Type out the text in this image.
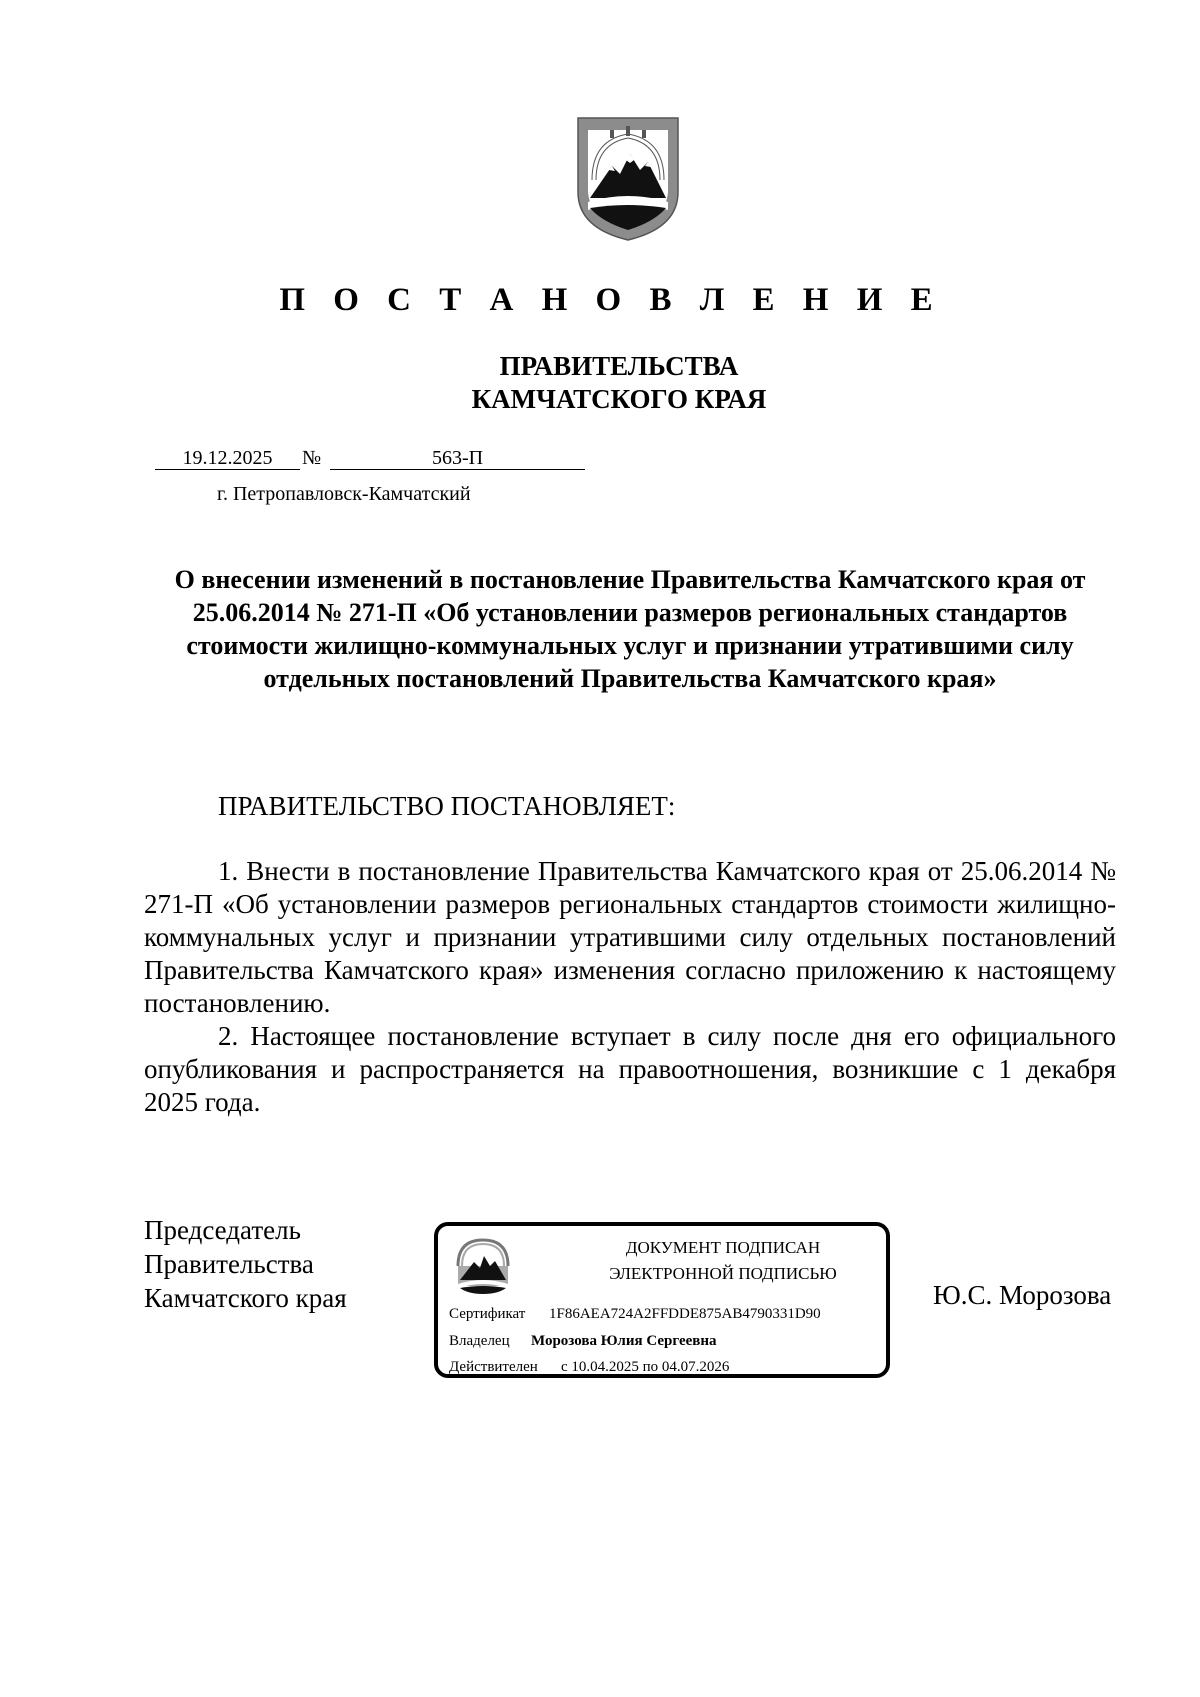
П О С Т А Н О В Л Е Н И Е
ПРАВИТЕЛЬСТВА
КАМЧАТСКОГО КРАЯ
19.12.2025	№	563-П
г. Петропавловск-Камчатский
О внесении изменений в постановление Правительства Камчатского края от 25.06.2014 № 271-П «Об установлении размеров региональных стандартов стоимости жилищно-коммунальных услуг и признании утратившими силу отдельных постановлений Правительства Камчатского края»
ПРАВИТЕЛЬСТВО ПОСТАНОВЛЯЕТ:

1. Внести в постановление Правительства Камчатского края от 25.06.2014 № 271-П «Об установлении размеров региональных стандартов стоимости жилищно-коммунальных услуг и признании утратившими силу отдельных постановлений Правительства Камчатского края» изменения согласно приложению к настоящему постановлению.

2. Настоящее постановление вступает в силу после дня его официального опубликования и распространяется на правоотношения, возникшие с 1 декабря 2025 года.

Председатель
Правительства
Камчатского края
ДОКУМЕНТ ПОДПИСАН
ЭЛЕКТРОННОЙ ПОДПИСЬЮ
Сертификат 1F86AEA724A2FFDDE875AB4790331D90
Владелец Морозова Юлия Сергеевна
Действителен с 10.04.2025 по 04.07.2026
Ю.С. Морозова
